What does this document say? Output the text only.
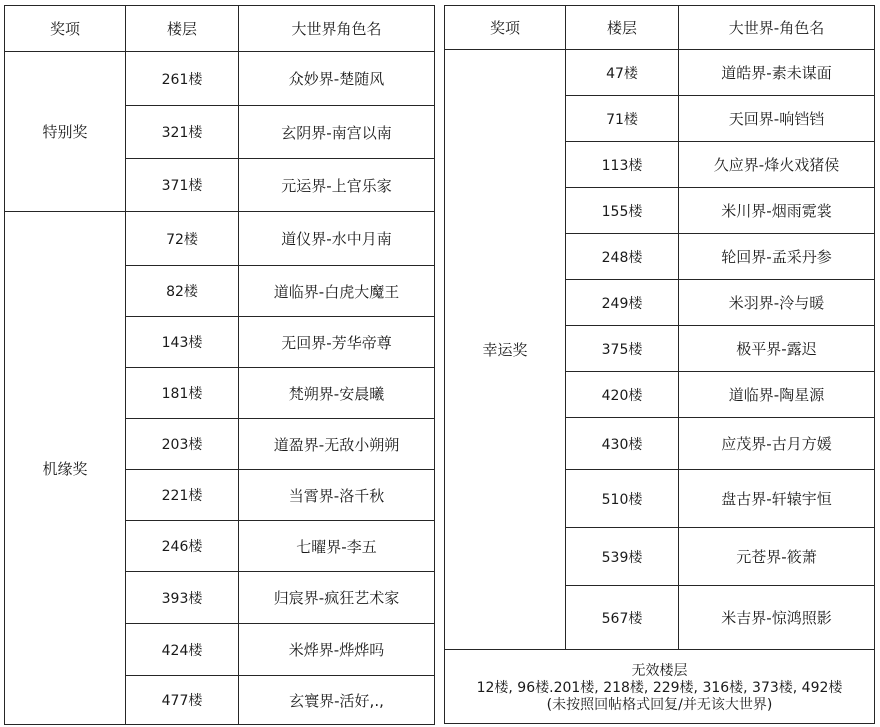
奖项	楼层	大世界角色名
特别奖	261楼	众妙界-楚随风
	321楼	玄阴界-南宫以南
	371楼	元运界-上官乐家
机缘奖	72楼	道仪界-水中月南
	82楼	道临界-白虎大魔王
	143楼	无回界-芳华帝尊
	181楼	梵朔界-安晨曦
	203楼	道盈界-无敌小朔朔
	221楼	当霄界-洛千秋
	246楼	七曜界-李五
	393楼	归宸界-疯狂艺术家
	424楼	米烨界-烨烨吗
	477楼	玄寰界-活好,.,
奖项	楼层	大世界-角色名
幸运奖	47楼	道皓界-素未谋面
	71楼	天回界-响铛铛
	113楼	久应界-烽火戏猪侯
	155楼	米川界-烟雨霓裳
	248楼	轮回界-孟采丹参
	249楼	米羽界-泠与暖
	375楼	极平界-露迟
	420楼	道临界-陶星源
	430楼	应茂界-古月方媛
	510楼	盘古界-轩辕宇恒
	539楼	元苍界-筱萧
	567楼	米吉界-惊鸿照影

无效楼层
12楼, 96楼.201楼, 218楼, 229楼, 316楼, 373楼, 492楼
(未按照回帖格式回复/并无该大世界)		
